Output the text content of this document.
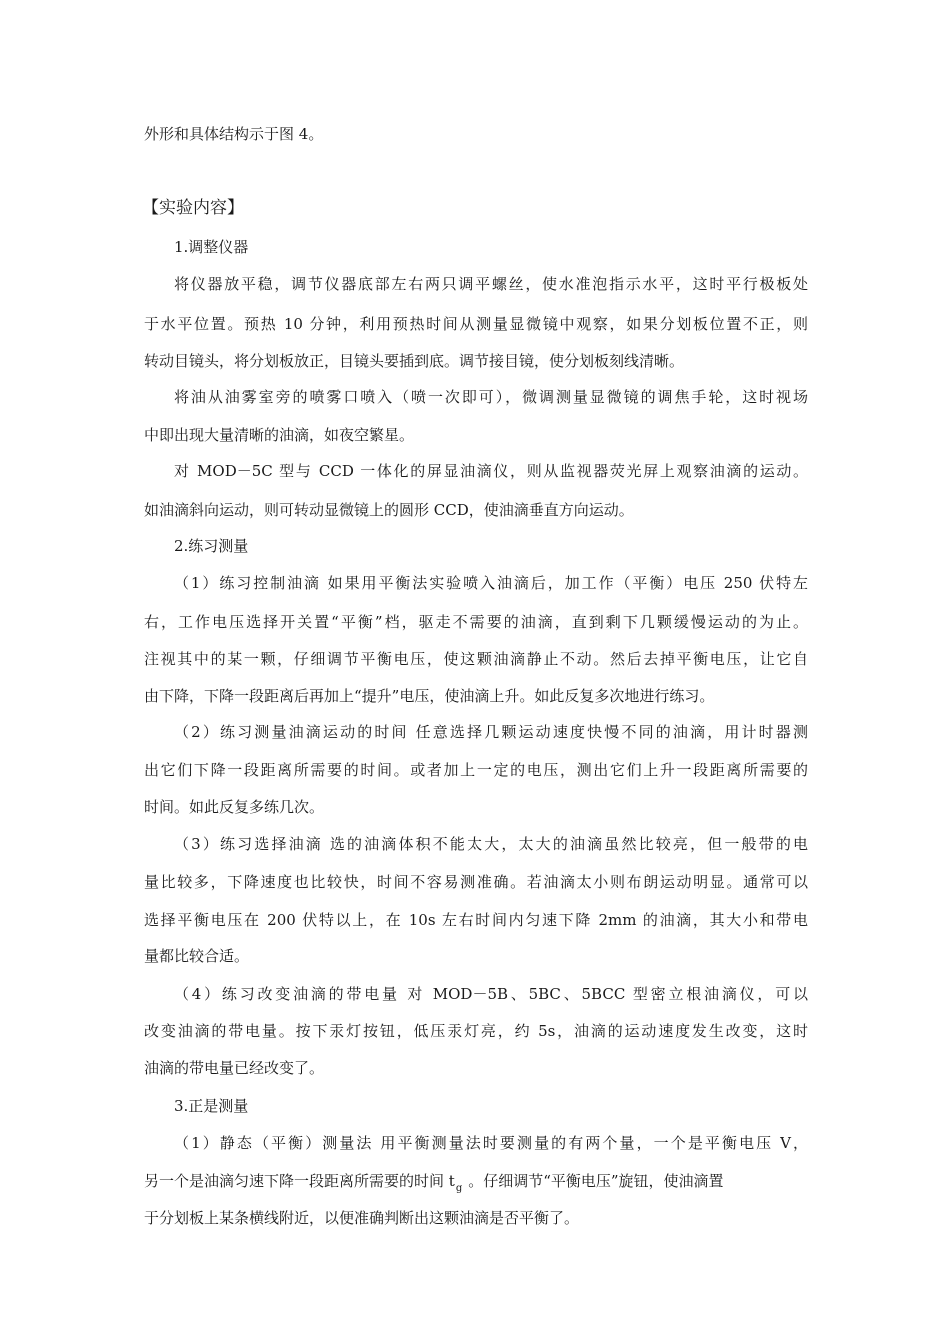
外形和具体结构示于图 4。
【实验内容】
1.调整仪器
将仪器放平稳，调节仪器底部左右两只调平螺丝，使水准泡指示水平，这时平行极板处
于水平位置。预热 10 分钟，利用预热时间从测量显微镜中观察，如果分划板位置不正，则
转动目镜头，将分划板放正，目镜头要插到底。调节接目镜，使分划板刻线清晰。
将油从油雾室旁的喷雾口喷入（喷一次即可），微调测量显微镜的调焦手轮，这时视场
中即出现大量清晰的油滴，如夜空繁星。
对 MOD－5C 型与 CCD 一体化的屏显油滴仪，则从监视器荧光屏上观察油滴的运动。
如油滴斜向运动，则可转动显微镜上的圆形 CCD，使油滴垂直方向运动。
2.练习测量
（1）练习控制油滴 如果用平衡法实验喷入油滴后，加工作（平衡）电压 250 伏特左
右，工作电压选择开关置“平衡”档，驱走不需要的油滴，直到剩下几颗缓慢运动的为止。
注视其中的某一颗，仔细调节平衡电压，使这颗油滴静止不动。然后去掉平衡电压，让它自
由下降，下降一段距离后再加上“提升”电压，使油滴上升。如此反复多次地进行练习。
（2）练习测量油滴运动的时间 任意选择几颗运动速度快慢不同的油滴，用计时器测
出它们下降一段距离所需要的时间。或者加上一定的电压，测出它们上升一段距离所需要的
时间。如此反复多练几次。
（3）练习选择油滴 选的油滴体积不能太大，太大的油滴虽然比较亮，但一般带的电
量比较多，下降速度也比较快，时间不容易测准确。若油滴太小则布朗运动明显。通常可以
选择平衡电压在 200 伏特以上，在 10s 左右时间内匀速下降 2mm 的油滴，其大小和带电
量都比较合适。
（4）练习改变油滴的带电量 对 MOD－5B、5BC、5BCC 型密立根油滴仪，可以
改变油滴的带电量。按下汞灯按钮，低压汞灯亮，约 5s，油滴的运动速度发生改变，这时
油滴的带电量已经改变了。
3.正是测量
（1）静态（平衡）测量法 用平衡测量法时要测量的有两个量，一个是平衡电压 V，
另一个是油滴匀速下降一段距离所需要的时间 $t_g$ 。仔细调节“平衡电压”旋钮，使油滴置
于分划板上某条横线附近，以便准确判断出这颗油滴是否平衡了。
